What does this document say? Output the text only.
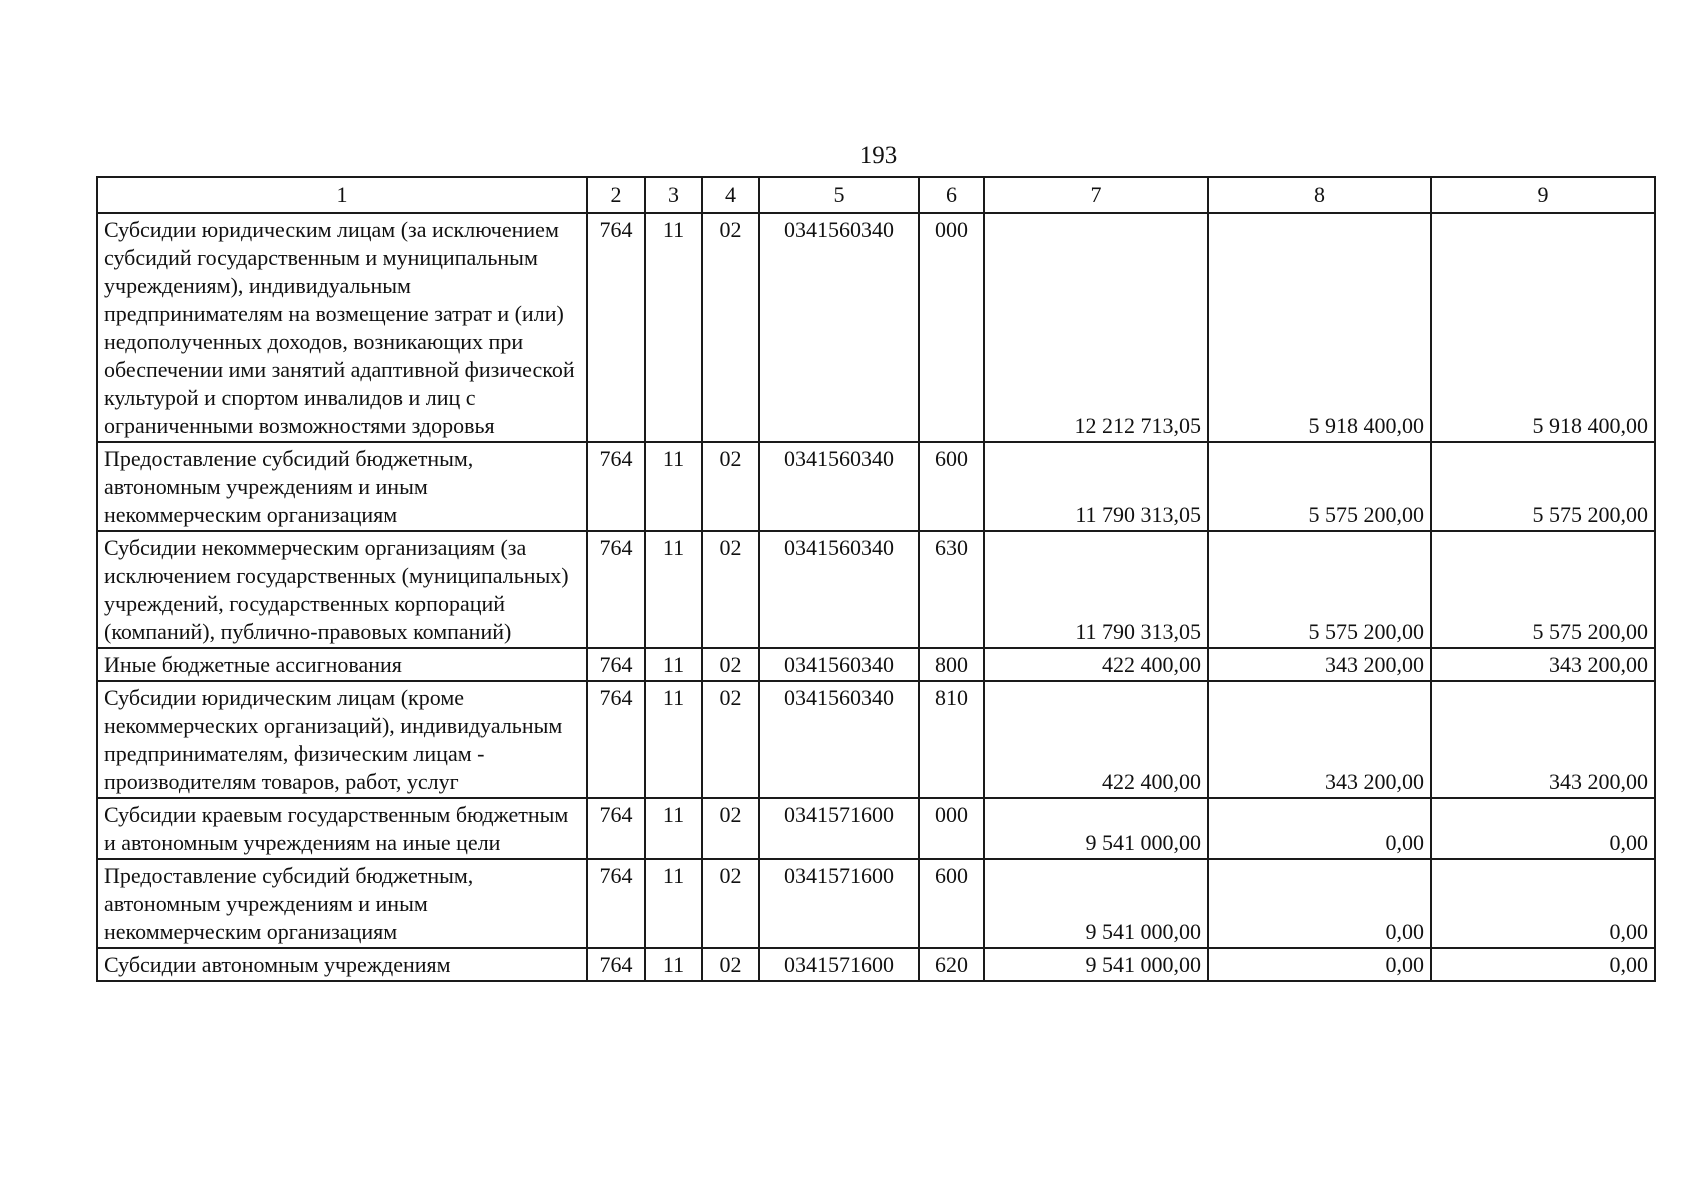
193
1	2	3	4	5	6	7	8	9
Субсидии юридическим лицам (за исключением субсидий государственным и муниципальным учреждениям), индивидуальным предпринимателям на возмещение затрат и (или) недополученных доходов, возникающих при обеспечении ими занятий адаптивной физической культурой и спортом инвалидов и лиц с ограниченными возможностями здоровья	764	11	02	0341560340	000	12 212 713,05	5 918 400,00	5 918 400,00
Предоставление субсидий бюджетным, автономным учреждениям и иным некоммерческим организациям	764	11	02	0341560340	600	11 790 313,05	5 575 200,00	5 575 200,00
Субсидии некоммерческим организациям (за исключением государственных (муниципальных) учреждений, государственных корпораций (компаний), публично-правовых компаний)	764	11	02	0341560340	630	11 790 313,05	5 575 200,00	5 575 200,00
Иные бюджетные ассигнования	764	11	02	0341560340	800	422 400,00	343 200,00	343 200,00
Субсидии юридическим лицам (кроме некоммерческих организаций), индивидуальным предпринимателям, физическим лицам - производителям товаров, работ, услуг	764	11	02	0341560340	810	422 400,00	343 200,00	343 200,00
Субсидии краевым государственным бюджетным и автономным учреждениям на иные цели	764	11	02	0341571600	000	9 541 000,00	0,00	0,00
Предоставление субсидий бюджетным, автономным учреждениям и иным некоммерческим организациям	764	11	02	0341571600	600	9 541 000,00	0,00	0,00
Субсидии автономным учреждениям	764	11	02	0341571600	620	9 541 000,00	0,00	0,00
